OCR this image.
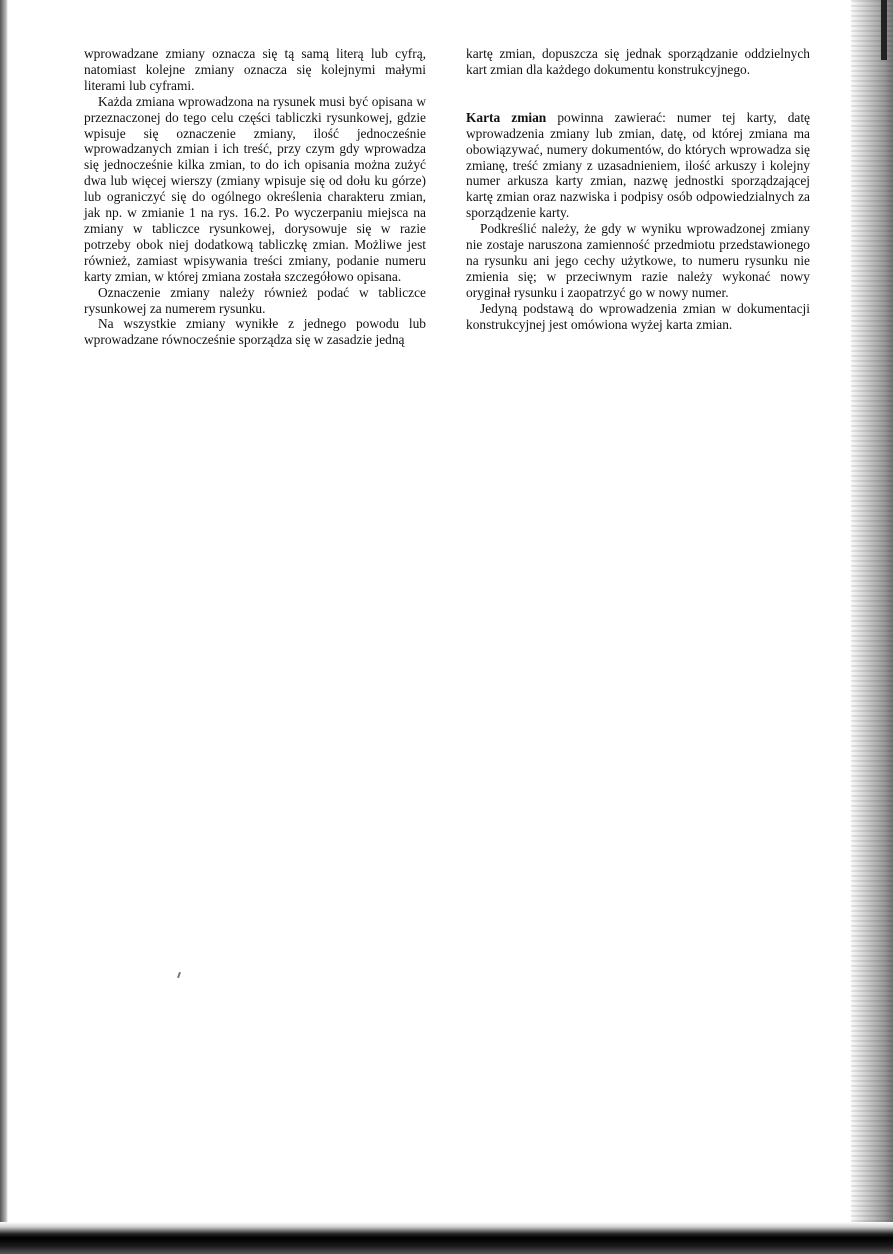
wprowadzane zmiany oznacza się tą samą literą lub cyfrą, natomiast kolejne zmiany oznacza się kolejnymi małymi literami lub cyframi.

Każda zmiana wprowadzona na rysunek musi być opisana w przeznaczonej do tego celu części tabliczki rysunkowej, gdzie wpisuje się oznaczenie zmiany, ilość jednocześnie wprowadzanych zmian i ich treść, przy czym gdy wprowadza się jednocześnie kilka zmian, to do ich opisania można zużyć dwa lub więcej wierszy (zmiany wpisuje się od dołu ku górze) lub ograniczyć się do ogólnego określenia charakteru zmian, jak np. w zmianie 1 na rys. 16.2. Po wyczerpaniu miejsca na zmiany w tabliczce rysunkowej, dorysowuje się w razie potrzeby obok niej dodatkową tabliczkę zmian. Możliwe jest również, zamiast wpisywania treści zmiany, podanie numeru karty zmian, w której zmiana została szczegółowo opisana.

Oznaczenie zmiany należy również podać w tabliczce rysunkowej za numerem rysunku.

Na wszystkie zmiany wynikłe z jednego powodu lub wprowadzane równocześnie sporządza się w zasadzie jedną

kartę zmian, dopuszcza się jednak sporządzanie oddzielnych kart zmian dla każdego dokumentu konstrukcyjnego.

Karta zmian powinna zawierać: numer tej karty, datę wprowadzenia zmiany lub zmian, datę, od której zmiana ma obowiązywać, numery dokumentów, do których wprowadza się zmianę, treść zmiany z uzasadnieniem, ilość arkuszy i kolejny numer arkusza karty zmian, nazwę jednostki sporządzającej kartę zmian oraz nazwiska i podpisy osób odpowiedzialnych za sporządzenie karty.

Podkreślić należy, że gdy w wyniku wprowadzonej zmiany nie zostaje naruszona zamienność przedmiotu przedstawionego na rysunku ani jego cechy użytkowe, to numeru rysunku nie zmienia się; w przeciwnym razie należy wykonać nowy oryginał rysunku i zaopatrzyć go w nowy numer.

Jedyną podstawą do wprowadzenia zmian w dokumentacji konstrukcyjnej jest omówiona wyżej karta zmian.
